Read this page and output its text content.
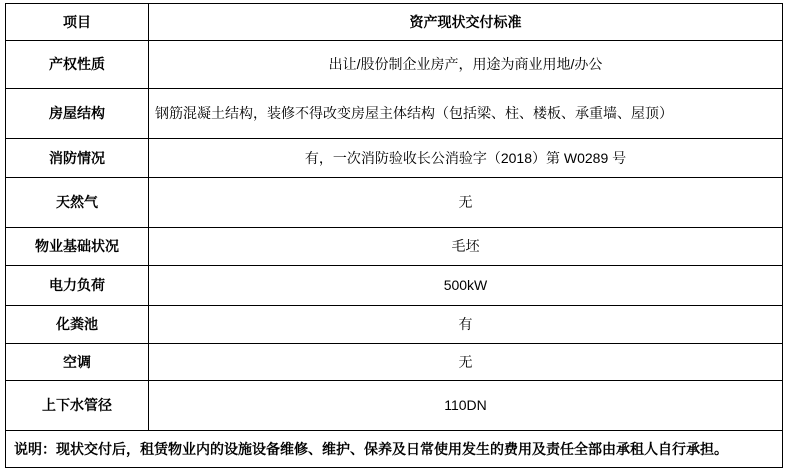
项目	资产现状交付标准
产权性质	出让/股份制企业房产，用途为商业用地/办公
房屋结构	钢筋混凝土结构，装修不得改变房屋主体结构（包括梁、柱、楼板、承重墙、屋顶）
消防情况	有，一次消防验收长公消验字（2018）第 W0289 号
天然气	无
物业基础状况	毛坯
电力负荷	500kW
化粪池	有
空调	无
上下水管径	110DN
说明：现状交付后，租赁物业内的设施设备维修、维护、保养及日常使用发生的费用及责任全部由承租人自行承担。	
